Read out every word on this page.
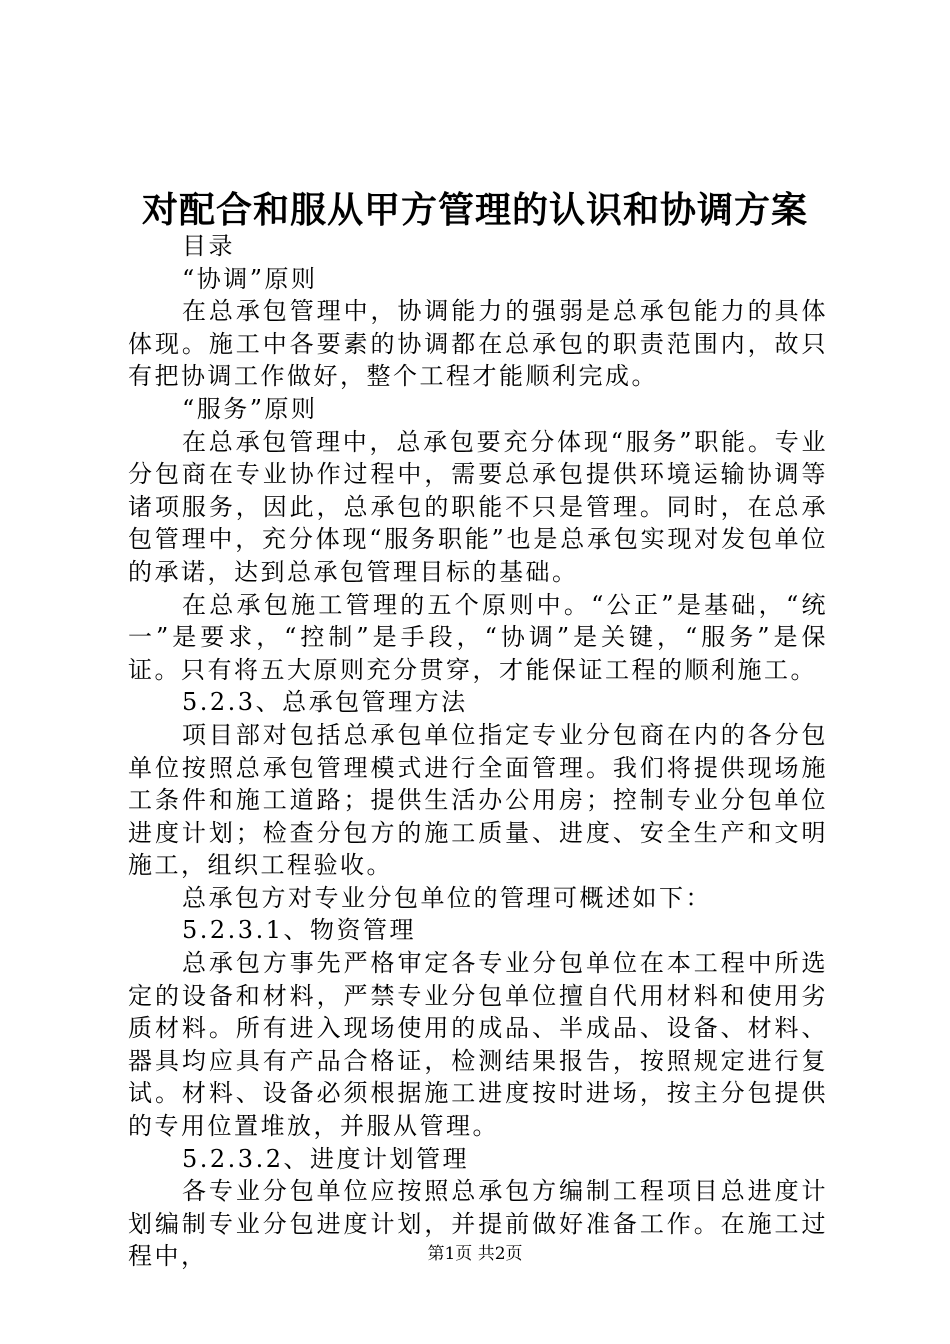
对配合和服从甲方管理的认识和协调方案

目录

“协调”原则

在总承包管理中，协调能力的强弱是总承包能力的具体体现。施工中各要素的协调都在总承包的职责范围内，故只有把协调工作做好，整个工程才能顺利完成。

“服务”原则

在总承包管理中，总承包要充分体现“服务”职能。专业分包商在专业协作过程中，需要总承包提供环境运输协调等诸项服务，因此，总承包的职能不只是管理。同时，在总承包管理中，充分体现“服务职能”也是总承包实现对发包单位的承诺，达到总承包管理目标的基础。

在总承包施工管理的五个原则中。“公正”是基础，“统一”是要求，“控制”是手段，“协调”是关键，“服务”是保证。只有将五大原则充分贯穿，才能保证工程的顺利施工。

5.2.3、总承包管理方法

项目部对包括总承包单位指定专业分包商在内的各分包单位按照总承包管理模式进行全面管理。我们将提供现场施工条件和施工道路；提供生活办公用房；控制专业分包单位进度计划；检查分包方的施工质量、进度、安全生产和文明施工，组织工程验收。

总承包方对专业分包单位的管理可概述如下：

5.2.3.1、物资管理

总承包方事先严格审定各专业分包单位在本工程中所选定的设备和材料，严禁专业分包单位擅自代用材料和使用劣质材料。所有进入现场使用的成品、半成品、设备、材料、器具均应具有产品合格证，检测结果报告，按照规定进行复试。材料、设备必须根据施工进度按时进场，按主分包提供的专用位置堆放，并服从管理。

5.2.3.2、进度计划管理

各专业分包单位应按照总承包方编制工程项目总进度计划编制专业分包进度计划，并提前做好准备工作。在施工过程中，	第1页 共2页
